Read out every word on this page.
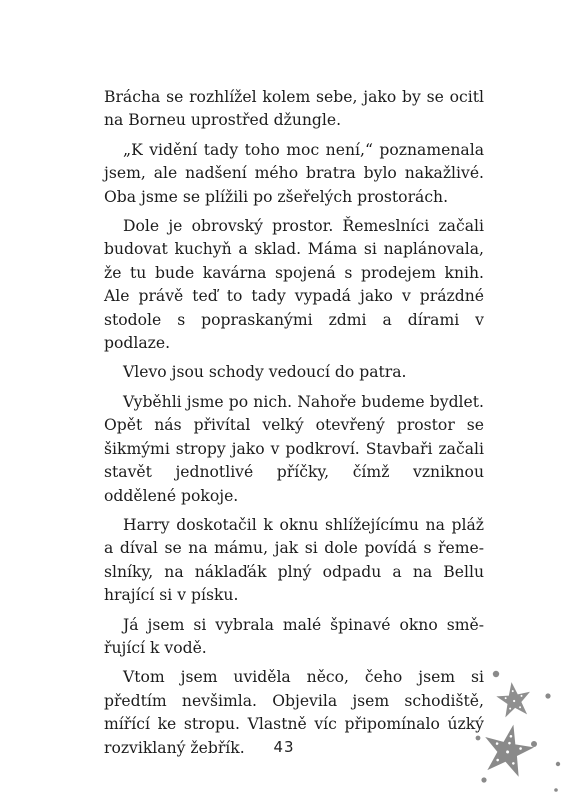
Brácha se rozhlížel kolem sebe, jako by se ocitl na Borneu uprostřed džungle.

„K vidění tady toho moc není,“ poznamenala jsem, ale nadšení mého bratra bylo nakažlivé. Oba jsme se plížili po zšeřelých prostorách.

Dole je obrovský prostor. Řemeslníci začali budovat kuchyň a sklad. Máma si naplánovala, že tu bude kavárna spojená s prodejem knih. Ale právě teď to tady vypadá jako v prázdné stodole s popraskanými zdmi a dírami v podlaze.

Vlevo jsou schody vedoucí do patra.

Vyběhli jsme po nich. Nahoře budeme bydlet. Opět nás přivítal velký otevřený prostor se šikmými stropy jako v podkroví. Stavbaři začali stavět jednotlivé příčky, čímž vzniknou oddělené pokoje.

Harry doskotačil k oknu shlížejícímu na pláž a díval se na mámu, jak si dole povídá s řemeslníky, na náklaďák plný odpadu a na Bellu hrající si v písku.

Já jsem si vybrala malé špinavé okno směřující k vodě.

Vtom jsem uviděla něco, čeho jsem si předtím nevšimla. Objevila jsem schodiště, mířící ke stropu. Vlastně víc připomínalo úzký rozviklaný žebřík.	43
